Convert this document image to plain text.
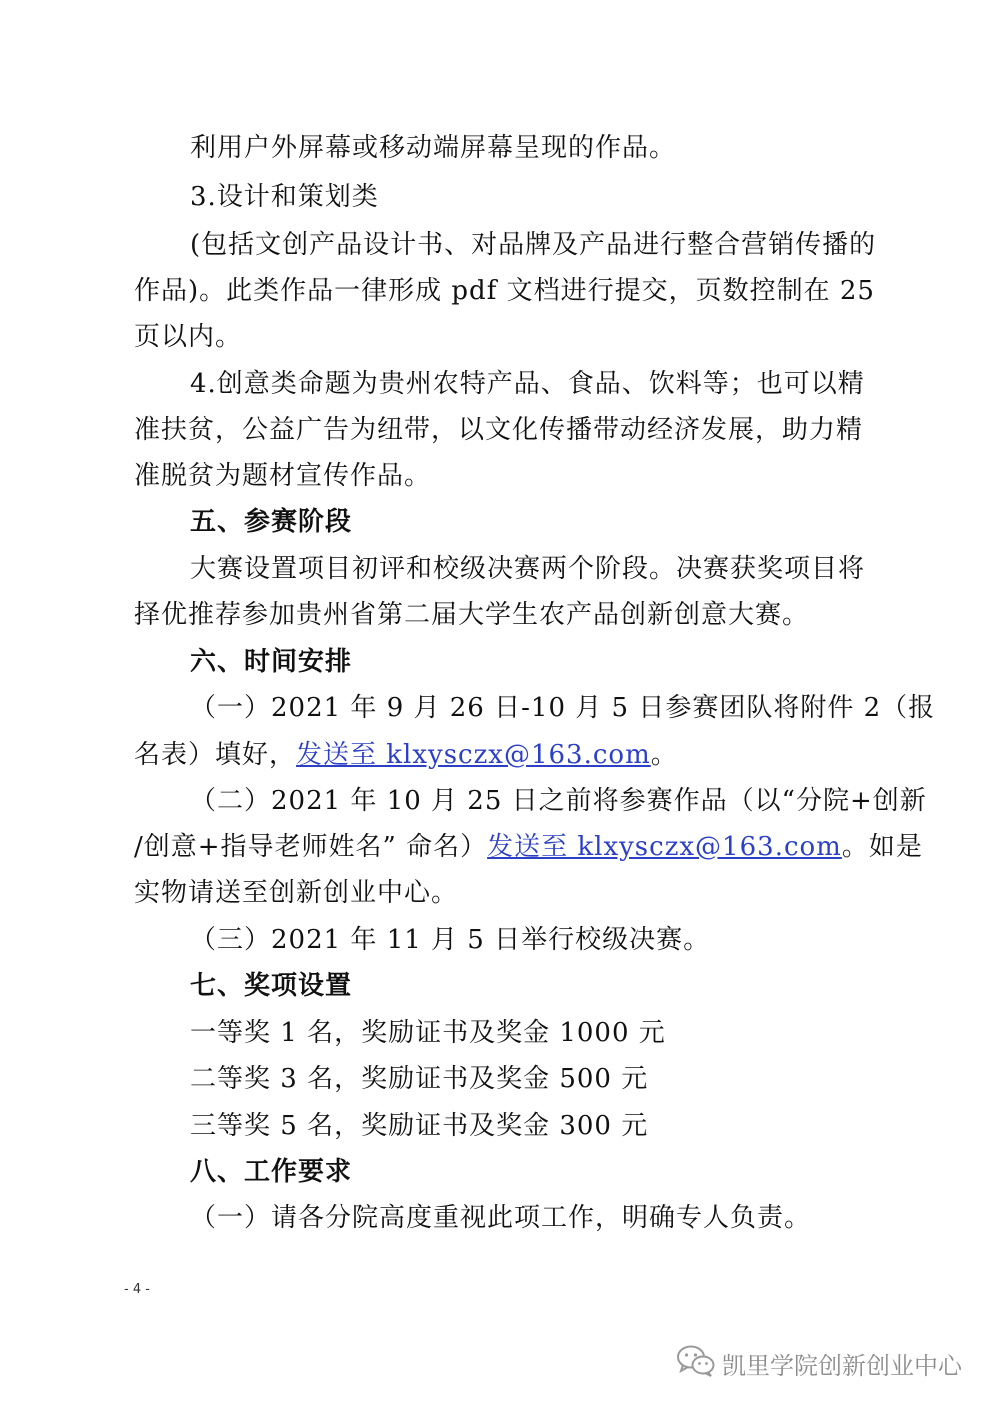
利用户外屏幕或移动端屏幕呈现的作品。

3.设计和策划类

(包括文创产品设计书、对品牌及产品进行整合营销传播的

作品)。此类作品一律形成 pdf 文档进行提交，页数控制在 25

页以内。

4.创意类命题为贵州农特产品、食品、饮料等；也可以精

准扶贫，公益广告为纽带，以文化传播带动经济发展，助力精

准脱贫为题材宣传作品。

五、参赛阶段

大赛设置项目初评和校级决赛两个阶段。决赛获奖项目将

择优推荐参加贵州省第二届大学生农产品创新创意大赛。

六、时间安排

（一）2021 年 9 月 26 日-10 月 5 日参赛团队将附件 2（报

名表）填好，发送至 klxysczx@163.com。

（二）2021 年 10 月 25 日之前将参赛作品（以“分院+创新

/创意+指导老师姓名” 命名）发送至 klxysczx@163.com。如是

实物请送至创新创业中心。

（三）2021 年 11 月 5 日举行校级决赛。

七、奖项设置

一等奖 1 名，奖励证书及奖金 1000 元

二等奖 3 名，奖励证书及奖金 500 元

三等奖 5 名，奖励证书及奖金 300 元

八、工作要求

（一）请各分院高度重视此项工作，明确专人负责。

- 4 -
凯里学院创新创业中心
